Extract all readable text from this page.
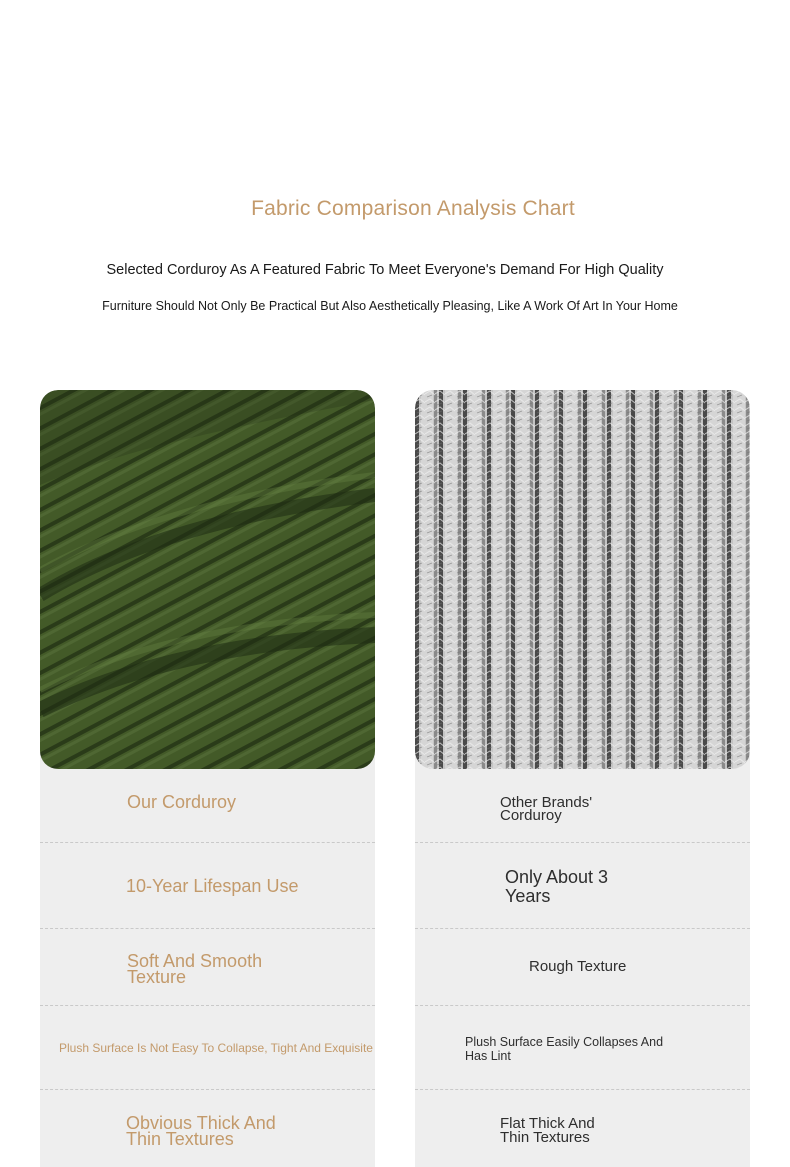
Fabric Comparison Analysis Chart
Selected Corduroy As A Featured Fabric To Meet Everyone's Demand For High Quality
Furniture Should Not Only Be Practical But Also Aesthetically Pleasing, Like A Work Of Art In Your Home
Our Corduroy
10-Year Lifespan Use
Soft And Smooth
Texture
Plush Surface Is Not Easy To Collapse, Tight And Exquisite
Obvious Thick And
Thin Textures
Other Brands'
Corduroy
Only About 3
Years
Rough Texture
Plush Surface Easily Collapses And
Has Lint
Flat Thick And
Thin Textures
